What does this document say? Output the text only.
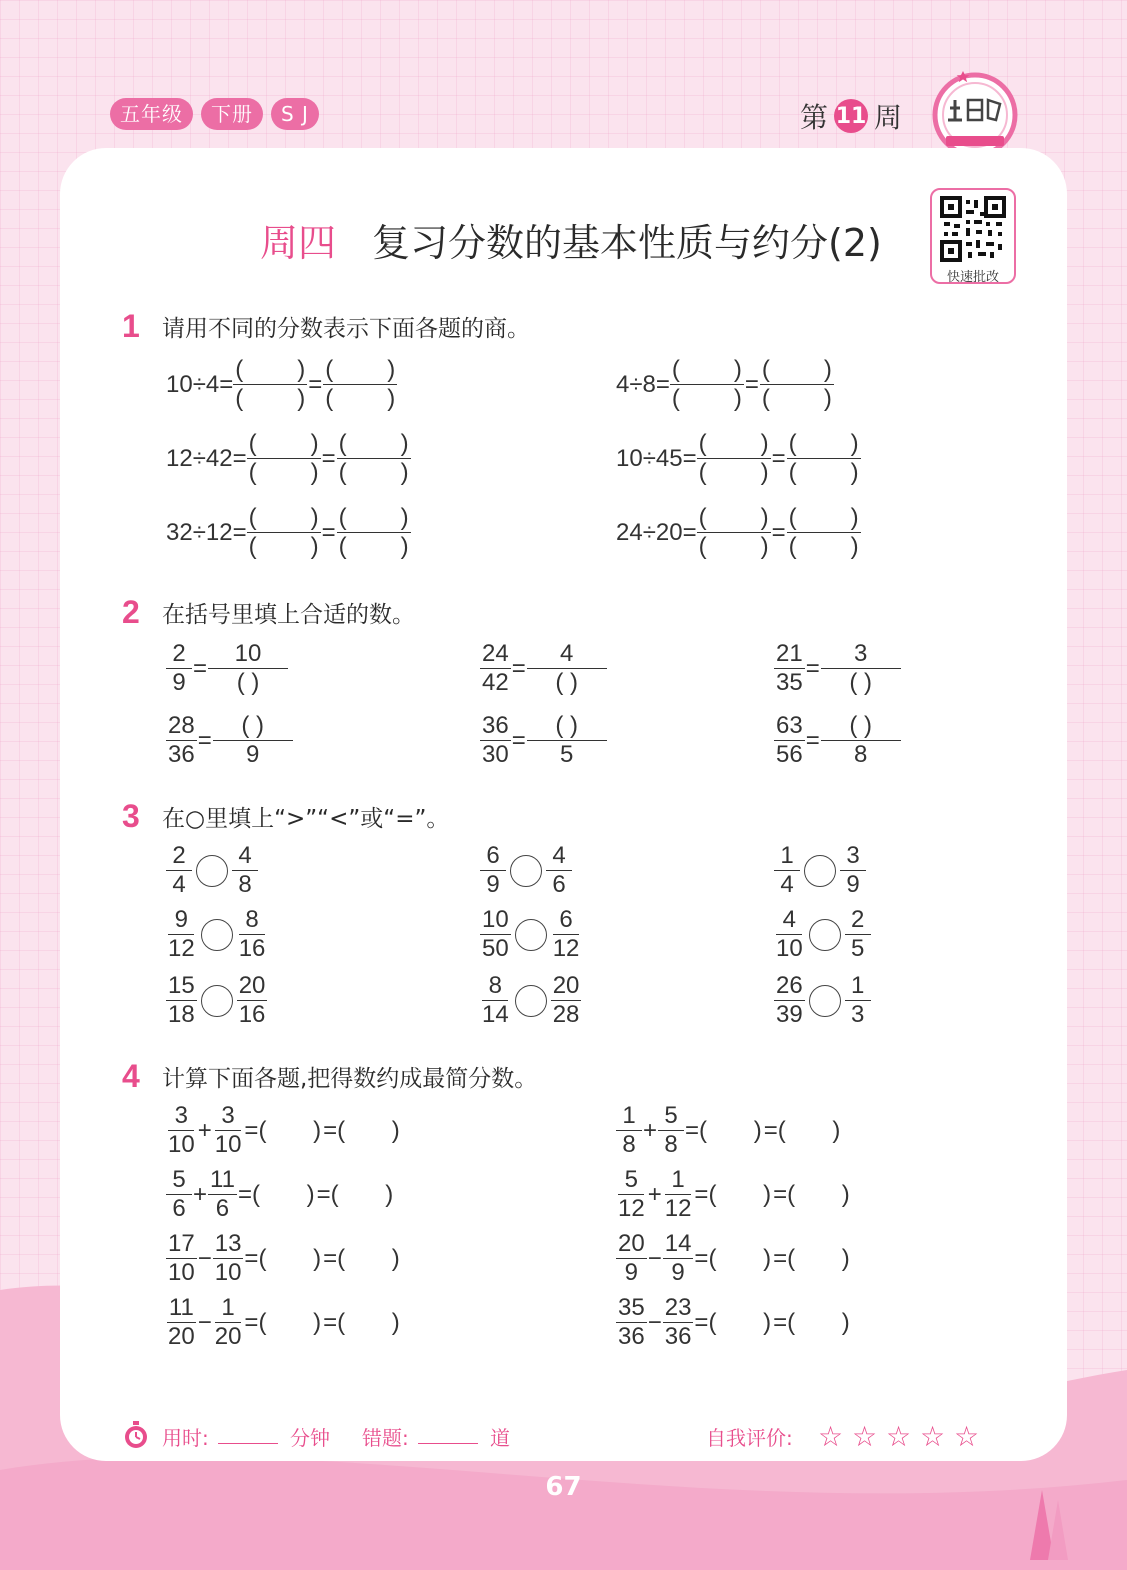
五年级	下册	S J	第 11 周
周四 复习分数的基本性质与约分(2)
快速批改
1 请用不同的分数表示下面各题的商。
$10\div 4= \frac{( )}{( )} = \frac{( )}{( )}$	$4\div 8= \frac{( )}{( )} = \frac{( )}{( )}$
$12\div 42= \frac{( )}{( )} = \frac{( )}{( )}$	$10\div 45= \frac{( )}{( )} = \frac{( )}{( )}$
$32\div 12= \frac{( )}{( )} = \frac{( )}{( )}$	$24\div 20= \frac{( )}{( )} = \frac{( )}{( )}$
2 在括号里填上合适的数。
$\frac{2}{9} = \frac{10}{( )}$	$\frac{24}{42} = \frac{4}{( )}$	$\frac{21}{35} = \frac{3}{( )}$
$\frac{28}{36} = \frac{( )}{9}$	$\frac{36}{30} = \frac{( )}{5}$	$\frac{63}{56} = \frac{( )}{8}$
3 在○里填上“>”“<”或“=”。
$\frac{2}{4} \frac{4}{8}$	$\frac{6}{9} \frac{4}{6}$	$\frac{1}{4} \frac{3}{9}$
$\frac{9}{12} \frac{8}{16}$	$\frac{10}{50} \frac{6}{12}$	$\frac{4}{10} \frac{2}{5}$
$\frac{15}{18} \frac{20}{16}$	$\frac{8}{14} \frac{20}{28}$	$\frac{26}{39} \frac{1}{3}$
4 计算下面各题,把得数约成最简分数。
$\frac{3}{10} + \frac{3}{10}$ =(       ) =(       )	$\frac{1}{8} + \frac{5}{8}$ =(       ) =(       )
$\frac{5}{6} + \frac{11}{6}$ =(       ) =(       )	$\frac{5}{12} + \frac{1}{12}$ =(       ) =(       )
$\frac{17}{10} - \frac{13}{10}$ =(       ) =(       )	$\frac{20}{9} - \frac{14}{9}$ =(       ) =(       )
$\frac{11}{20} - \frac{1}{20}$ =(       ) =(       )	$\frac{35}{36} - \frac{23}{36}$ =(       ) =(       )
用时:	分钟 错题:	道	自我评价: ☆ ☆ ☆ ☆ ☆
67
